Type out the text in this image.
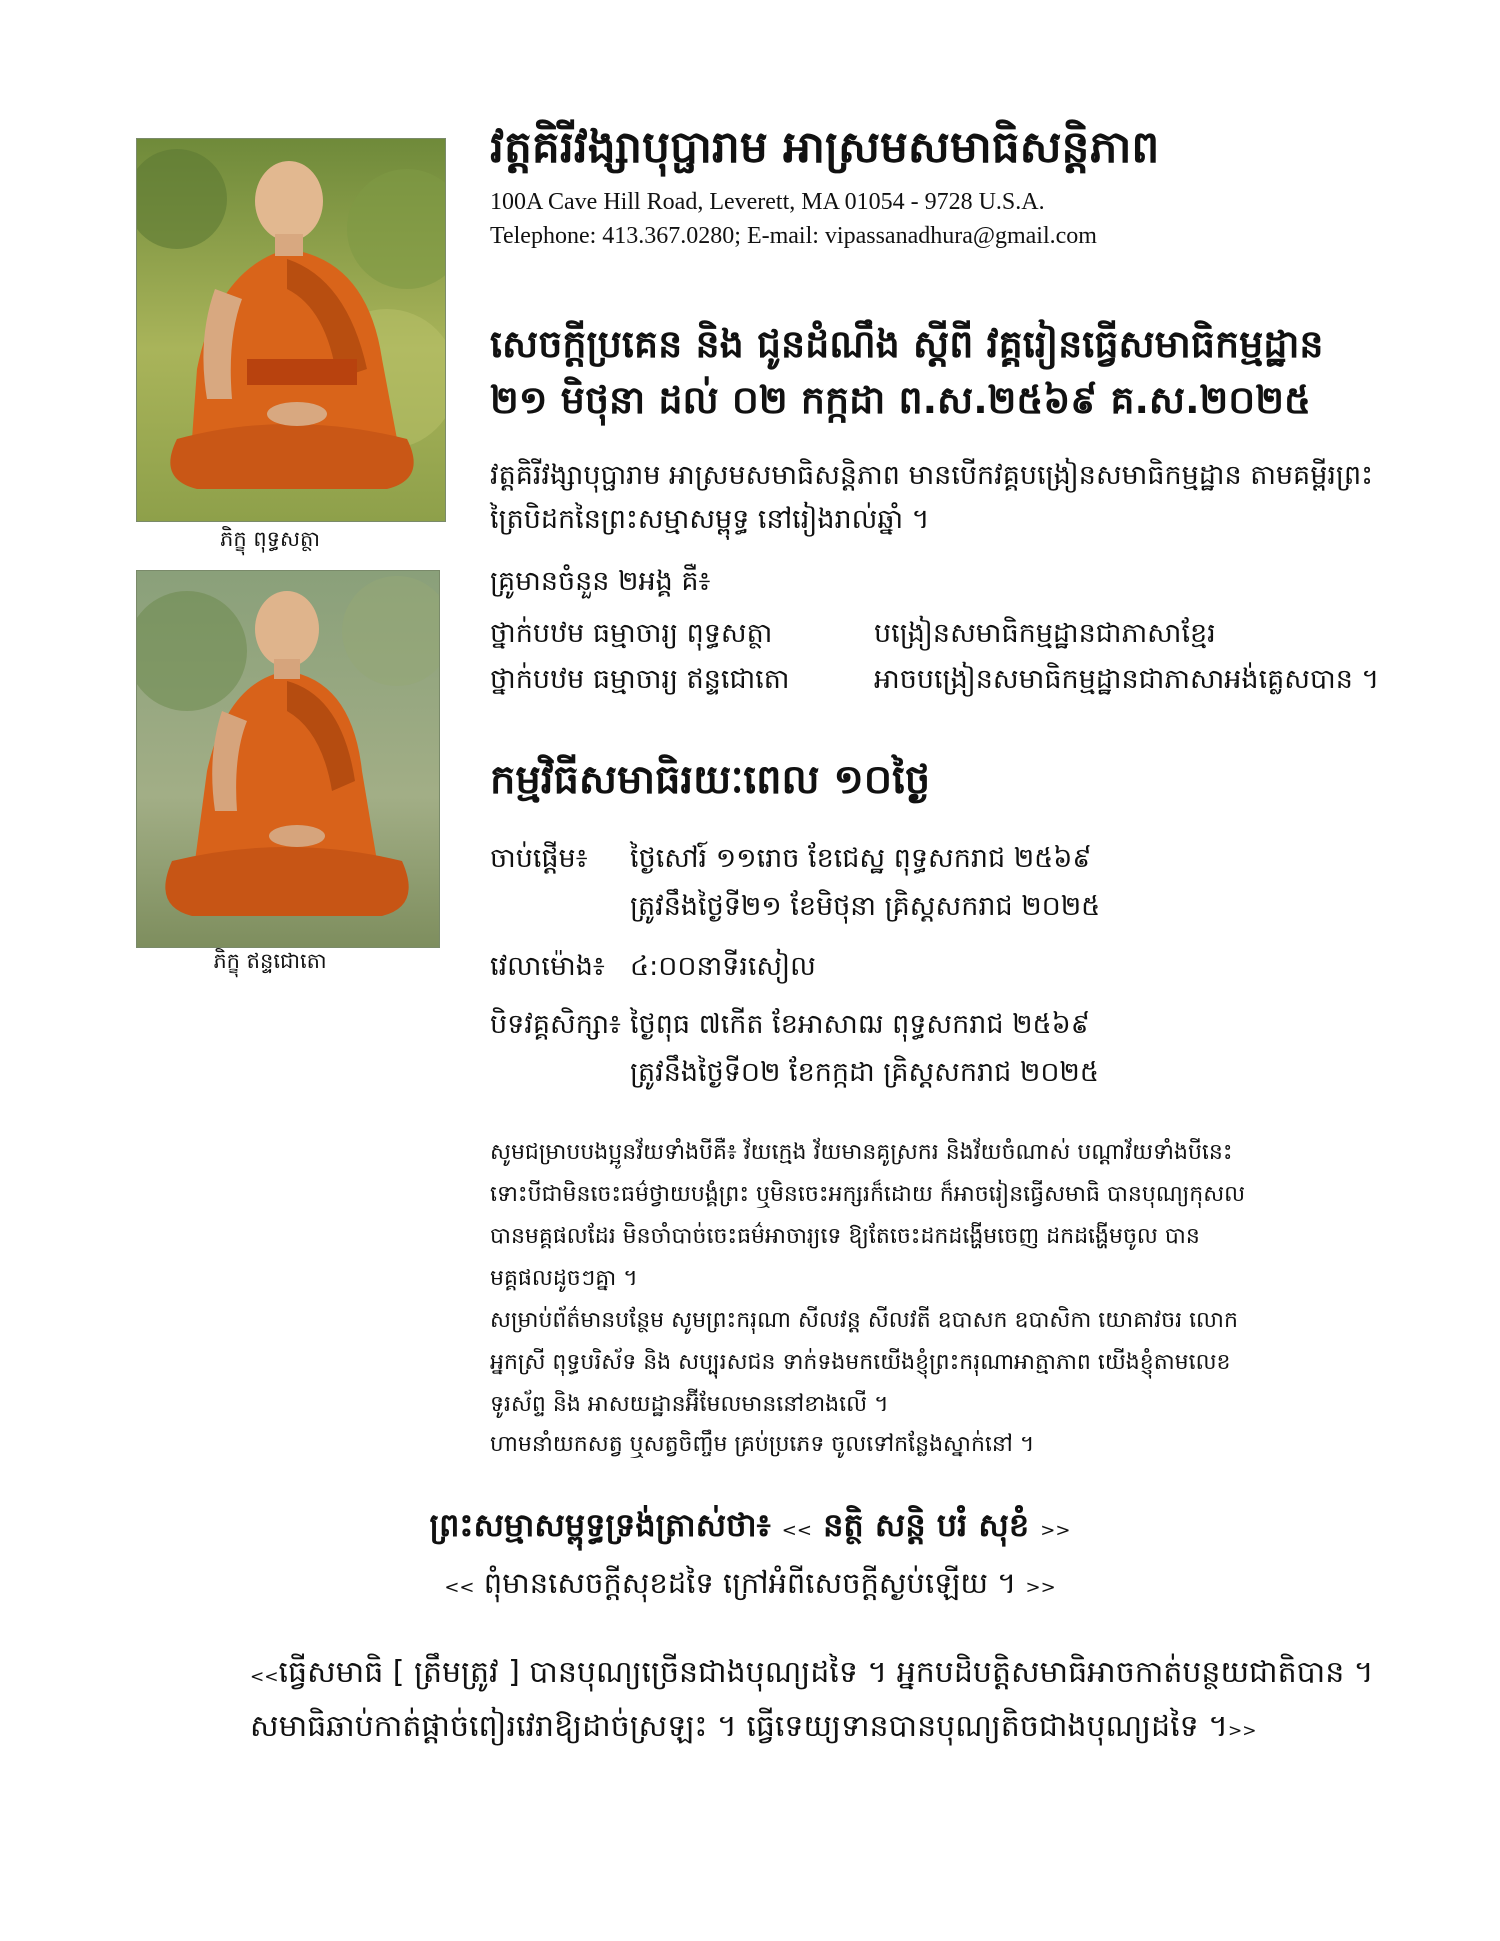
ភិក្ខុ ពុទ្ធសត្ថា
ភិក្ខុ ឥន្ទជោតោ
វត្តគិរីវង្សាបុប្ផារាម អាស្រមសមាធិសន្តិភាព
100A Cave Hill Road, Leverett, MA 01054 - 9728 U.S.A.
Telephone: 413.367.0280; E-mail: vipassanadhura@gmail.com
សេចក្តីប្រគេន និង ជូនដំណឹង ស្តីពី វគ្គរៀនធ្វើសមាធិកម្មដ្ឋាន
២១ មិថុនា ដល់ ០២ កក្កដា ព.ស.២៥៦៩ គ.ស.២០២៥
វត្តគិរីវង្សាបុប្ផារាម អាស្រមសមាធិសន្តិភាព មានបើកវគ្គបង្រៀនសមាធិកម្មដ្ឋាន តាមគម្ពីរព្រះត្រៃបិដកនៃព្រះសម្មាសម្ពុទ្ធ នៅរៀងរាល់ឆ្នាំ ។
គ្រូមានចំនួន ២អង្គ គឺ៖
ថ្នាក់បឋម ធម្មាចារ្យ ពុទ្ធសត្ថា	បង្រៀនសមាធិកម្មដ្ឋានជាភាសាខ្មែរ
ថ្នាក់បឋម ធម្មាចារ្យ ឥន្ទជោតោ	អាចបង្រៀនសមាធិកម្មដ្ឋានជាភាសាអង់គ្លេសបាន ។
កម្មវិធីសមាធិរយៈពេល ១០ថ្ងៃ
ចាប់ផ្តើម៖ ថ្ងៃសៅរ៍ ១១រោច ខែជេស្ឋ ពុទ្ធសករាជ ២៥៦៩
ត្រូវនឹងថ្ងៃទី២១ ខែមិថុនា គ្រិស្តសករាជ ២០២៥
វេលាម៉ោង៖ ៤:០០នាទីរសៀល
បិទវគ្គសិក្សា៖ ថ្ងៃពុធ ៧កើត ខែអាសាឍ ពុទ្ធសករាជ ២៥៦៩
ត្រូវនឹងថ្ងៃទី០២ ខែកក្កដា គ្រិស្តសករាជ ២០២៥
សូមជម្រាបបងប្អូនវ័យទាំងបីគឺ៖ វ័យក្មេង វ័យមានគូស្រករ និងវ័យចំណាស់ បណ្តាវ័យទាំងបីនេះ ទោះបីជាមិនចេះធម៌ថ្វាយបង្គំព្រះ ឬមិនចេះអក្សរក៏ដោយ ក៏អាចរៀនធ្វើសមាធិ បានបុណ្យកុសល បានមគ្គផលដែរ មិនចាំបាច់ចេះធម៌អាចារ្យទេ ឱ្យតែចេះដកដង្ហើមចេញ ដកដង្ហើមចូល បានមគ្គផលដូចៗគ្នា ។
សម្រាប់ព័ត៌មានបន្ថែម សូមព្រះករុណា សីលវន្ត សីលវតី ឧបាសក ឧបាសិកា យោគាវចរ លោក អ្នកស្រី ពុទ្ធបរិស័ទ និង សប្បុរសជន ទាក់ទងមកយើងខ្ញុំព្រះករុណាអាត្មាភាព យើងខ្ញុំតាមលេខទូរស័ព្ទ និង អាសយដ្ឋានអ៊ីមែលមាននៅខាងលើ ។
ហាមនាំយកសត្វ ឬសត្វចិញ្ចឹម គ្រប់ប្រភេទ ចូលទៅកន្លែងស្នាក់នៅ ។
ព្រះសម្មាសម្ពុទ្ធទ្រង់ត្រាស់ថា៖ << នត្ថិ សន្តិ បរំ សុខំ >>
<< ពុំមានសេចក្តីសុខដទៃ ក្រៅអំពីសេចក្តីស្ងប់ឡើយ ។ >>
<<ធ្វើសមាធិ [ ត្រឹមត្រូវ ] បានបុណ្យច្រើនជាងបុណ្យដទៃ ។ អ្នកបដិបត្តិសមាធិអាចកាត់បន្ថយជាតិបាន ។
សមាធិឆាប់កាត់ផ្តាច់ពៀរវេរាឱ្យដាច់ស្រឡះ ។ ធ្វើទេយ្យទានបានបុណ្យតិចជាងបុណ្យដទៃ ។>>
